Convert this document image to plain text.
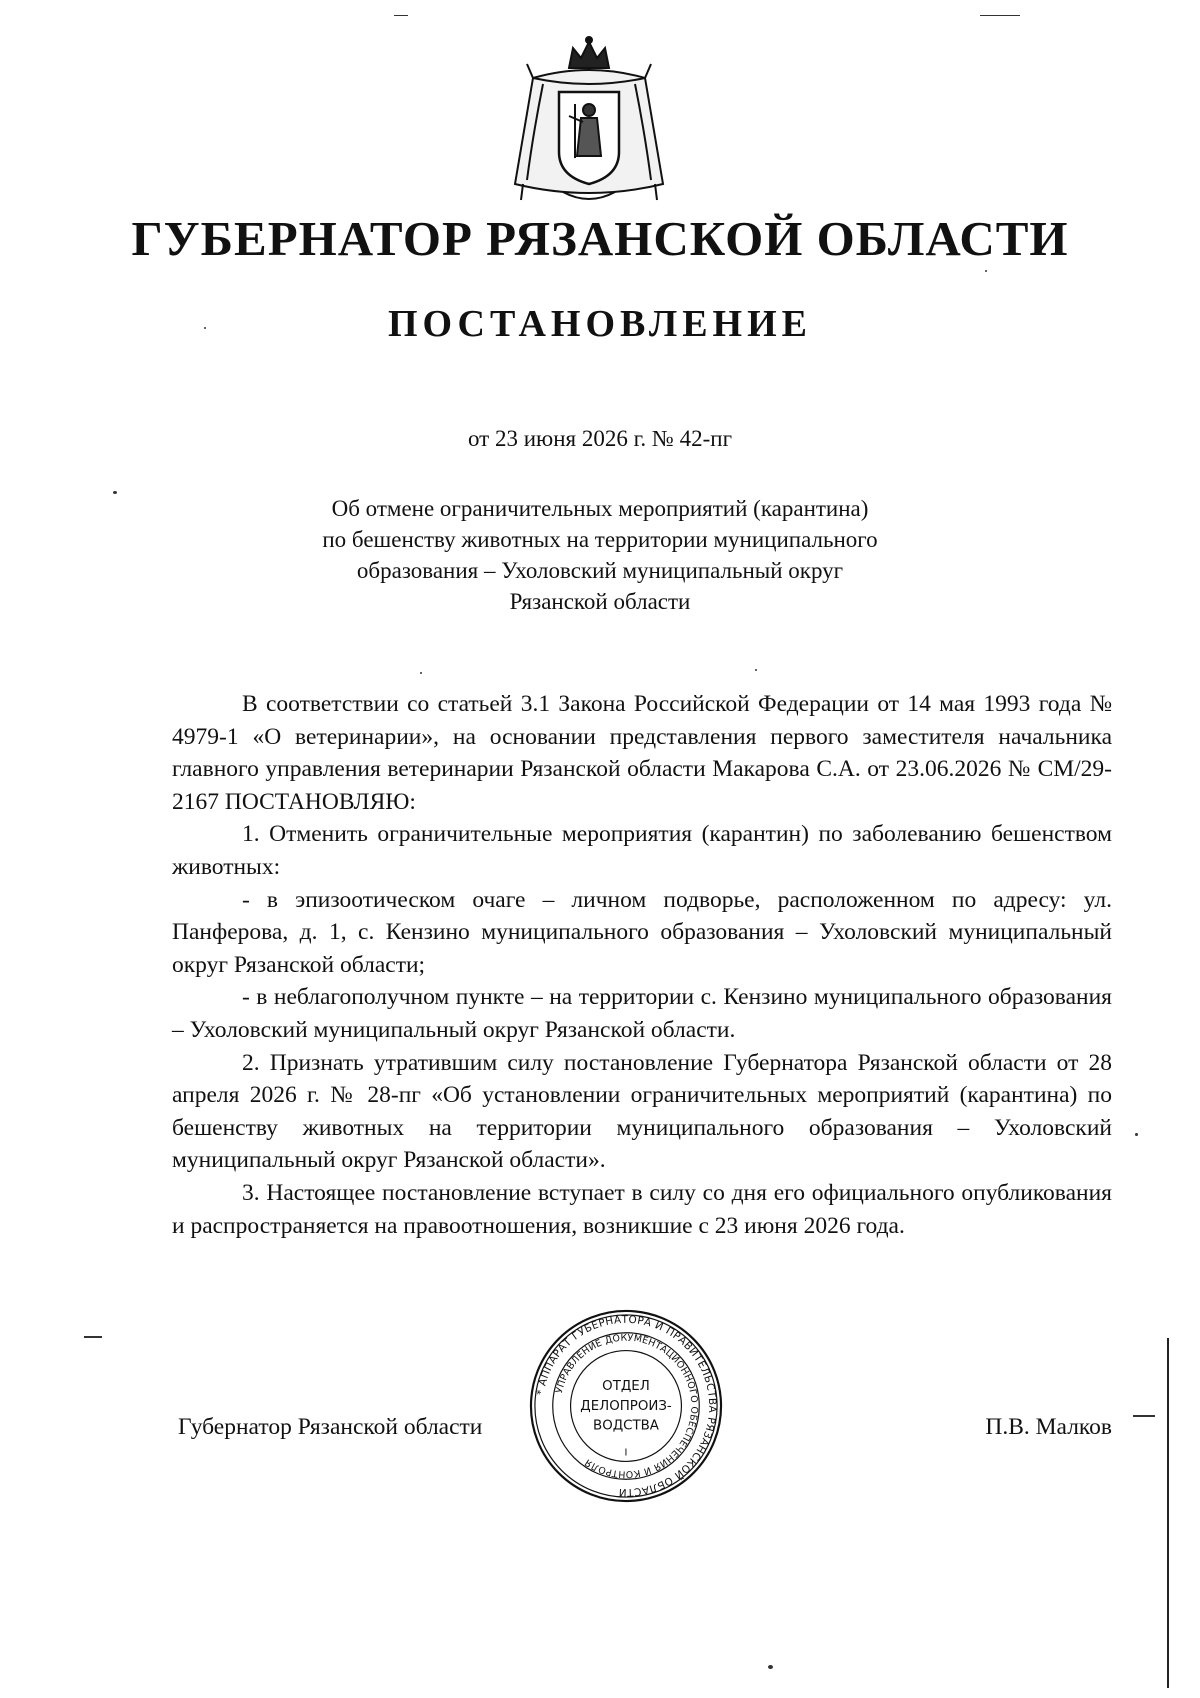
ГУБЕРНАТОР РЯЗАНСКОЙ ОБЛАСТИ
ПОСТАНОВЛЕНИЕ
от 23 июня 2026 г. № 42-пг
Об отмене ограничительных мероприятий (карантина)
по бешенству животных на территории муниципального
образования – Ухоловский муниципальный округ
Рязанской области

В соответствии со статьей 3.1 Закона Российской Федерации от 14 мая 1993 года № 4979-1 «О ветеринарии», на основании представления первого заместителя начальника главного управления ветеринарии Рязанской области Макарова С.А. от 23.06.2026 № СМ/29-2167 ПОСТАНОВЛЯЮ:

1. Отменить ограничительные мероприятия (карантин) по заболеванию бешенством животных:

- в эпизоотическом очаге – личном подворье, расположенном по адресу: ул. Панферова, д. 1, с. Кензино муниципального образования – Ухоловский муниципальный округ Рязанской области;

- в неблагополучном пункте – на территории с. Кензино муниципального образования – Ухоловский муниципальный округ Рязанской области.

2. Признать утратившим силу постановление Губернатора Рязанской области от 28 апреля 2026 г. № 28-пг «Об установлении ограничительных мероприятий (карантина) по бешенству животных на территории муниципального образования – Ухоловский муниципальный округ Рязанской области».

3. Настоящее постановление вступает в силу со дня его официального опубликования и распространяется на правоотношения, возникшие с 23 июня 2026 года.

Губернатор Рязанской области	П.В. Малков
* АППАРАТ ГУБЕРНАТОРА И ПРАВИТЕЛЬСТВА РЯЗАНСКОЙ ОБЛАСТИ
УПРАВЛЕНИЕ ДОКУМЕНТАЦИОННОГО ОБЕСПЕЧЕНИЯ И КОНТРОЛЯ
ОТДЕЛ
ДЕЛОПРОИЗ-
ВОДСТВА
I
